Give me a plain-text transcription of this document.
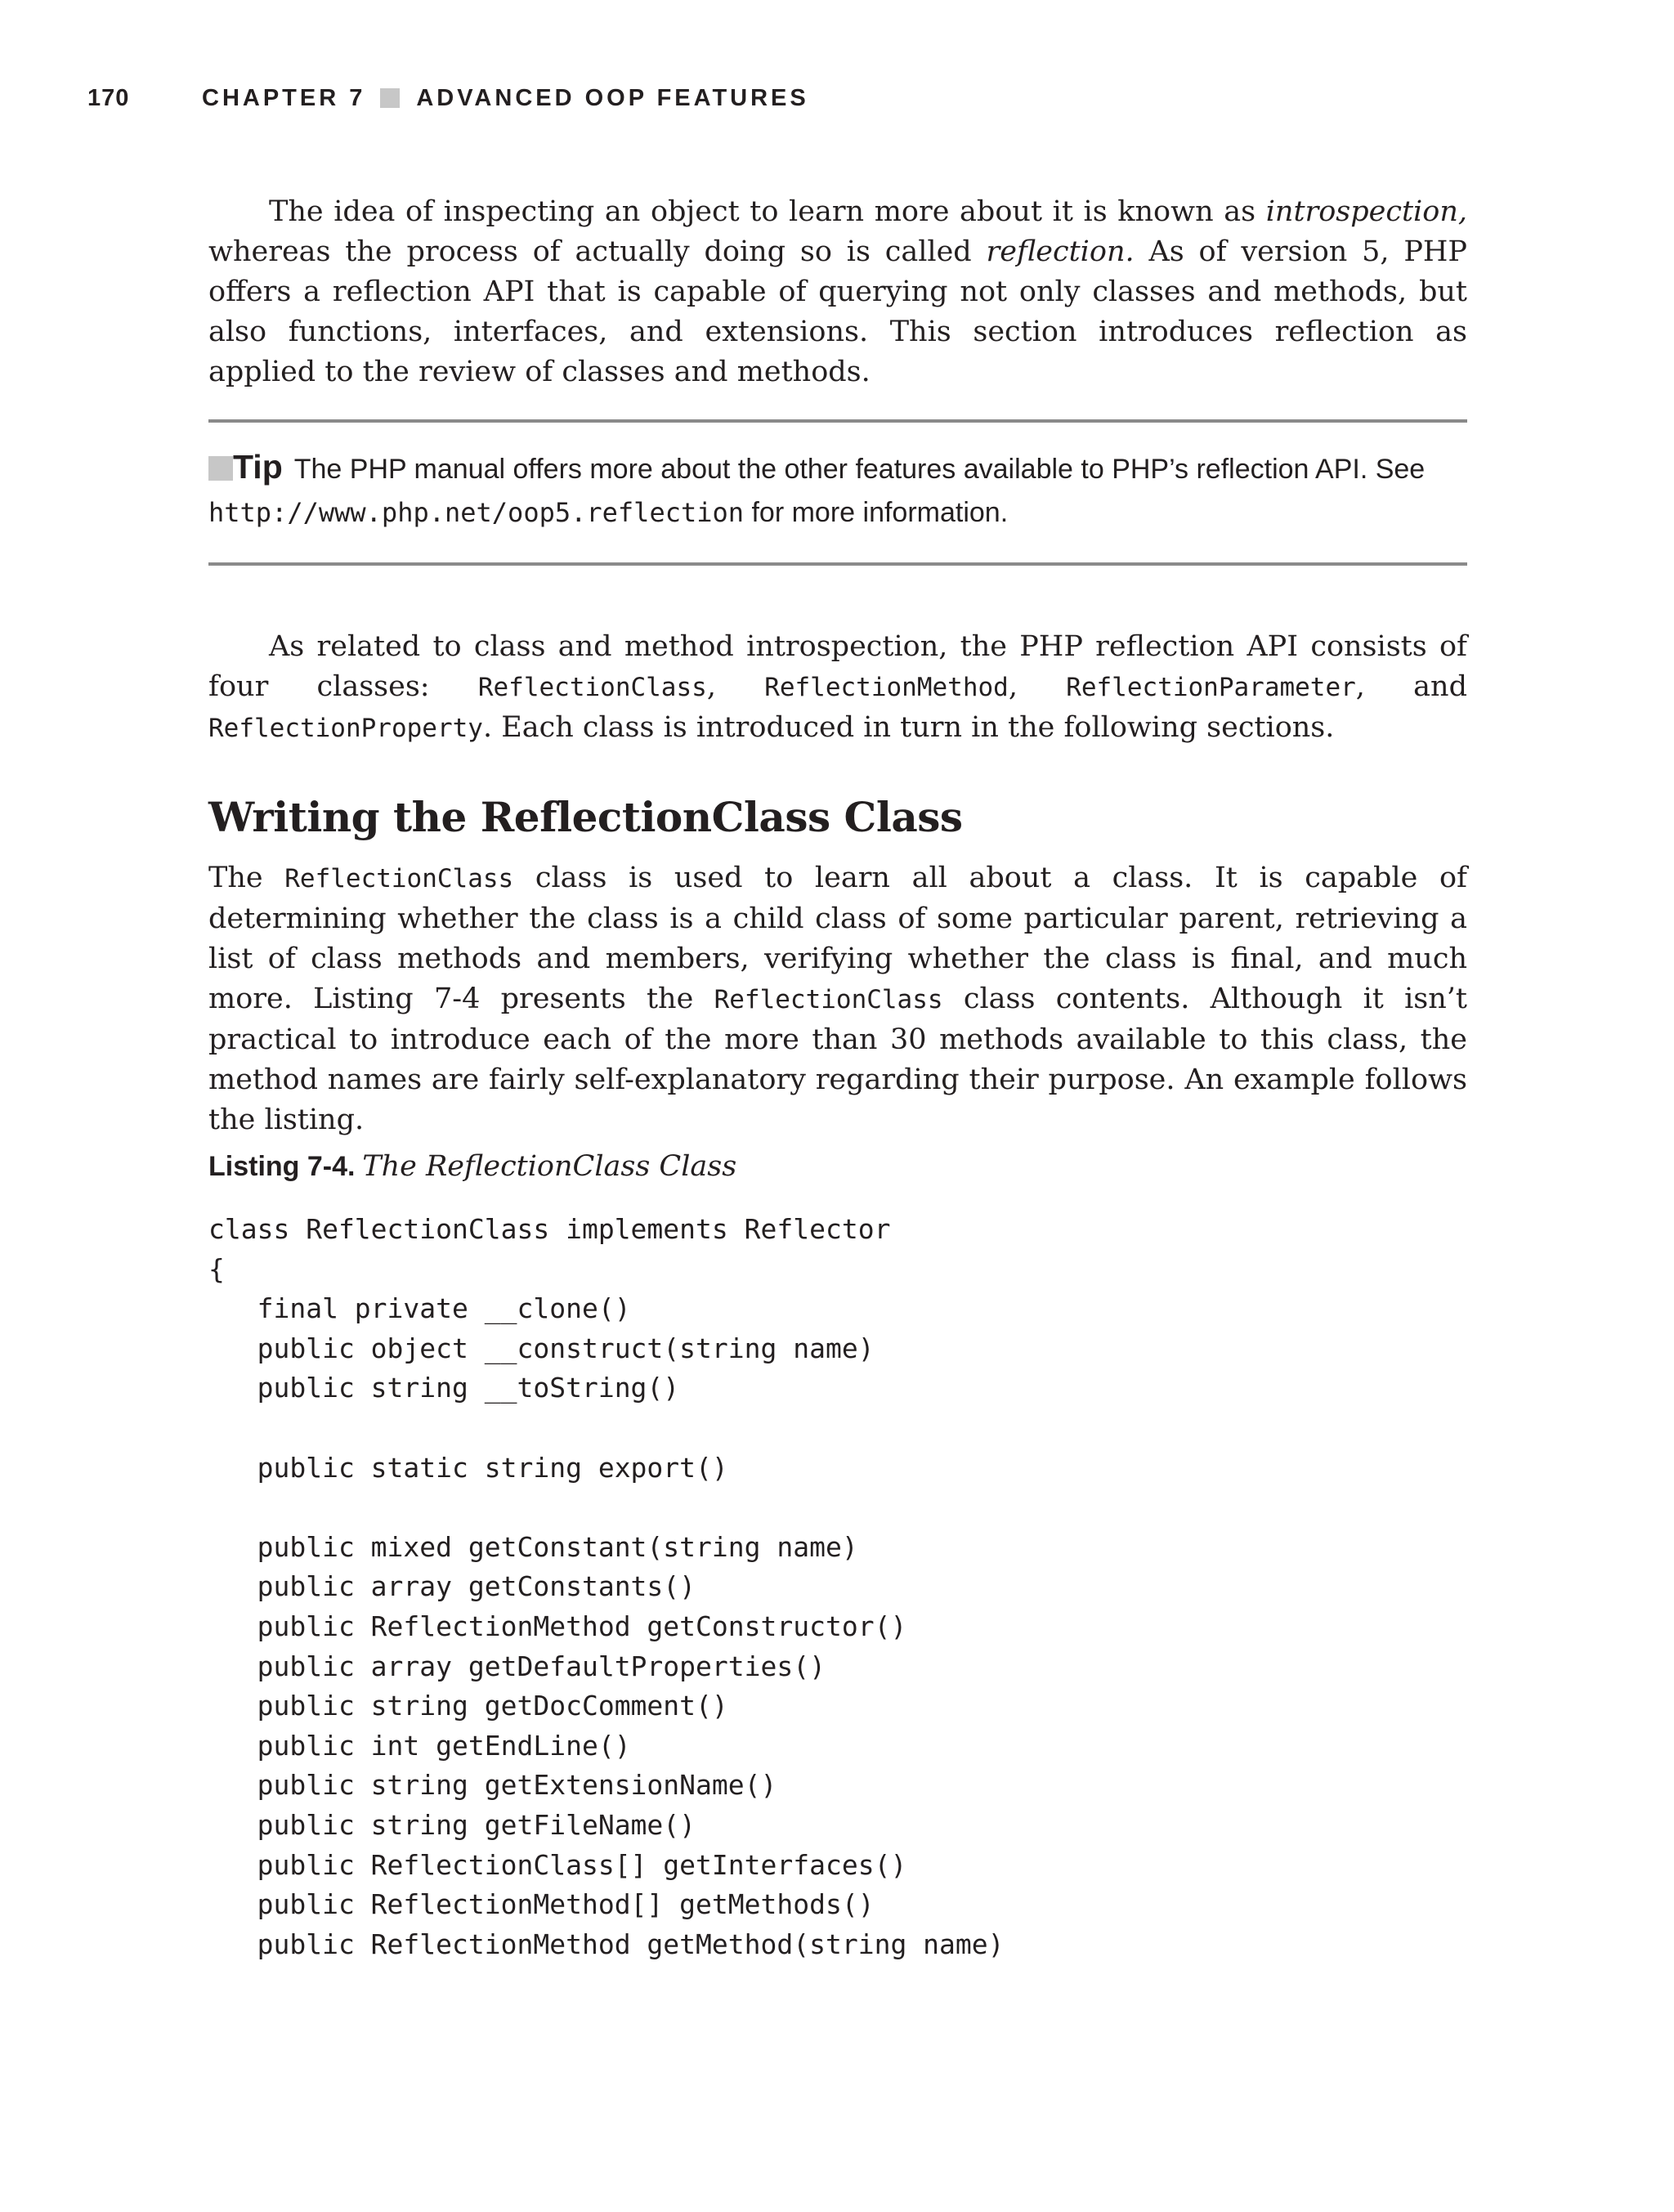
170	CHAPTER 7 ADVANCED OOP FEATURES
The idea of inspecting an object to learn more about it is known as introspection, whereas the process of actually doing so is called reflection. As of version 5, PHP offers a reflection API that is capable of querying not only classes and methods, but also functions, interfaces, and extensions. This section introduces reflection as applied to the review of classes and methods.
Tip The PHP manual offers more about the other features available to PHP’s reflection API. See http://www.php.net/oop5.reflection for more information.
As related to class and method introspection, the PHP reflection API consists of four classes: ReflectionClass, ReflectionMethod, ReflectionParameter, and ReflectionProperty. Each class is introduced in turn in the following sections.
Writing the ReflectionClass Class
The ReflectionClass class is used to learn all about a class. It is capable of determining whether the class is a child class of some particular parent, retrieving a list of class methods and members, verifying whether the class is final, and much more. Listing 7-4 presents the ReflectionClass class contents. Although it isn’t practical to introduce each of the more than 30 methods available to this class, the method names are fairly self-explanatory regarding their purpose. An example follows the listing.
Listing 7-4. The ReflectionClass Class
class ReflectionClass implements Reflector
{
final private __clone()
public object __construct(string name)
public string __toString()

public static string export()

public mixed getConstant(string name)
public array getConstants()
public ReflectionMethod getConstructor()
public array getDefaultProperties()
public string getDocComment()
public int getEndLine()
public string getExtensionName()
public string getFileName()
public ReflectionClass[] getInterfaces()
public ReflectionMethod[] getMethods()
public ReflectionMethod getMethod(string name)
